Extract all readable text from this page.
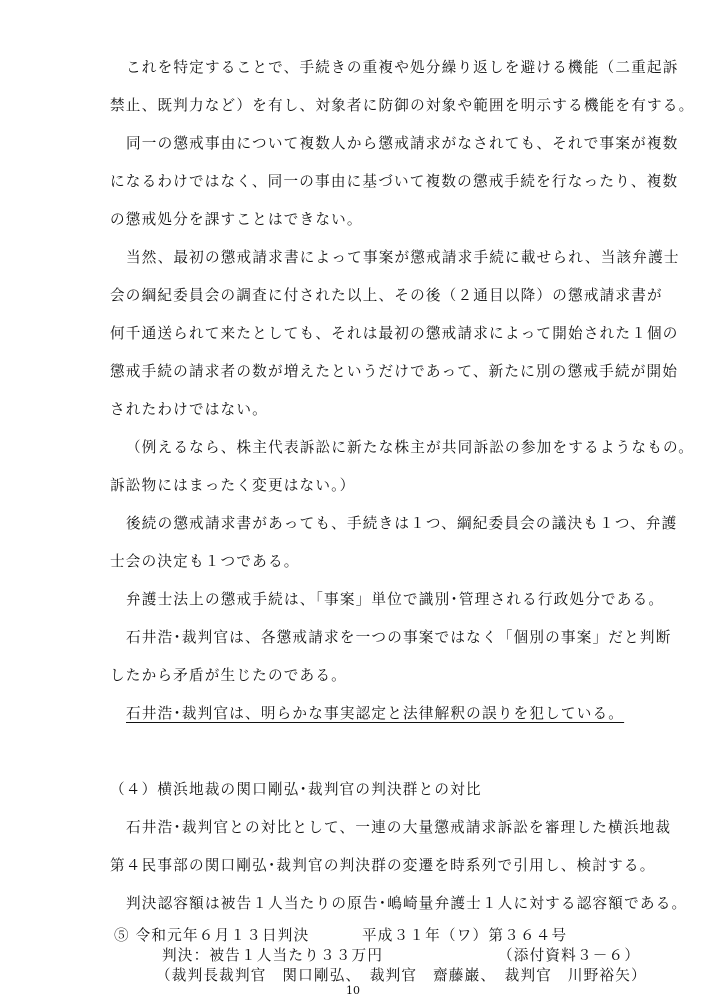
これを特定することで、手続きの重複や処分繰り返しを避ける機能（二重起訴
禁止、既判力など）を有し、対象者に防御の対象や範囲を明示する機能を有する。
同一の懲戒事由について複数人から懲戒請求がなされても、それで事案が複数
になるわけではなく、同一の事由に基づいて複数の懲戒手続を行なったり、複数
の懲戒処分を課すことはできない。
当然、最初の懲戒請求書によって事案が懲戒請求手続に載せられ、当該弁護士
会の綱紀委員会の調査に付された以上、その後（２通目以降）の懲戒請求書が
何千通送られて来たとしても、それは最初の懲戒請求によって開始された１個の
懲戒手続の請求者の数が増えたというだけであって、新たに別の懲戒手続が開始
されたわけではない。
（例えるなら、株主代表訴訟に新たな株主が共同訴訟の参加をするようなもの。
訴訟物にはまったく変更はない。）
後続の懲戒請求書があっても、手続きは１つ、綱紀委員会の議決も１つ、弁護
士会の決定も１つである。
弁護士法上の懲戒手続は、「事案」単位で識別･管理される行政処分である。
石井浩･裁判官は、各懲戒請求を一つの事案ではなく「個別の事案」だと判断
したから矛盾が生じたのである。
石井浩･裁判官は、明らかな事実認定と法律解釈の誤りを犯している。
（４）横浜地裁の関口剛弘･裁判官の判決群との対比
石井浩･裁判官との対比として、一連の大量懲戒請求訴訟を審理した横浜地裁
第４民事部の関口剛弘･裁判官の判決群の変遷を時系列で引用し、検討する。
判決認容額は被告１人当たりの原告･嶋崎量弁護士１人に対する認容額である。
⑤ 令和元年６月１３日判決	平成３１年（ワ）第３６４号
10
判決：被告１人当たり３３万円	（添付資料３－６）
（裁判長裁判官　関口剛弘、　裁判官　齋藤巌、　裁判官　川野裕矢）
